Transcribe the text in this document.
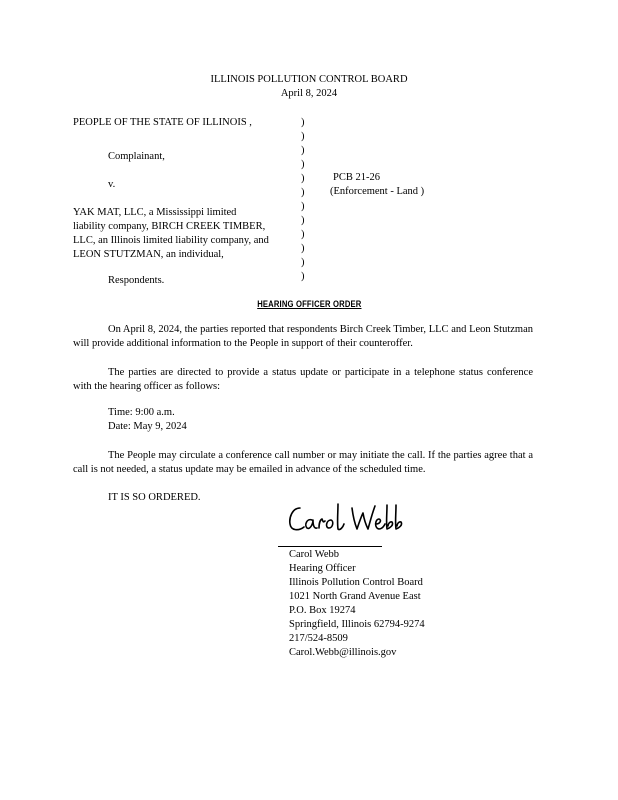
ILLINOIS POLLUTION CONTROL BOARD
April 8, 2024
PEOPLE OF THE STATE OF ILLINOIS ,
Complainant,
v.
YAK MAT, LLC, a Mississippi limited
liability company, BIRCH CREEK TIMBER,
LLC, an Illinois limited liability company, and
LEON STUTZMAN, an individual,
Respondents.
)
)
)
)
)
)
)
)
)
)
)
)
PCB 21-26
(Enforcement - Land )
HEARING OFFICER ORDER
On April 8, 2024, the parties reported that respondents Birch Creek Timber, LLC and Leon Stutzman will provide additional information to the People in support of their counteroffer.
The parties are directed to provide a status update or participate in a telephone status conference with the hearing officer as follows:
Time: 9:00 a.m.
Date: May 9, 2024
The People may circulate a conference call number or may initiate the call. If the parties agree that a call is not needed, a status update may be emailed in advance of the scheduled time.
IT IS SO ORDERED.
Carol Webb
Hearing Officer
Illinois Pollution Control Board
1021 North Grand Avenue East
P.O. Box 19274
Springfield, Illinois 62794-9274
217/524-8509
Carol.Webb@illinois.gov
